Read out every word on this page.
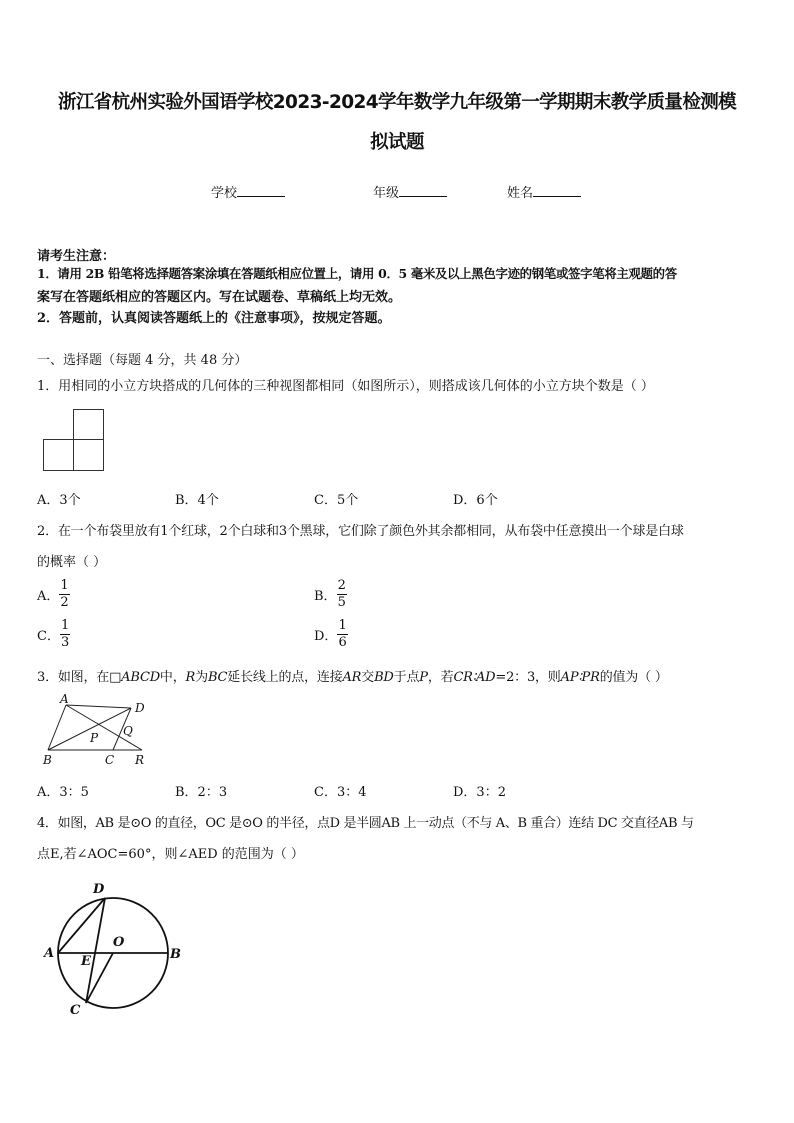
浙江省杭州实验外国语学校2023-2024学年数学九年级第一学期期末教学质量检测模
拟试题
学校	年级	姓名
请考生注意：
1．请用 2B 铅笔将选择题答案涂填在答题纸相应位置上，请用 0．5 毫米及以上黑色字迹的钢笔或签字笔将主观题的答
案写在答题纸相应的答题区内。写在试题卷、草稿纸上均无效。
2．答题前，认真阅读答题纸上的《注意事项》，按规定答题。
一、选择题（每题 4 分，共 48 分）
1．用相同的小立方块搭成的几何体的三种视图都相同（如图所示），则搭成该几何体的小立方块个数是（ ）
A．3个	B．4个	C．5个	D．6个
2．在一个布袋里放有1个红球，2个白球和3个黑球，它们除了颜色外其余都相同，从布袋中任意摸出一个球是白球
的概率（ ）
A． $\frac{1}{2}$	B． $\frac{2}{5}$
C． $\frac{1}{3}$	D． $\frac{1}{6}$
3．如图，在□ABCD中，R为BC延长线上的点，连接AR交BD于点P，若CR∶AD=2：3，则AP∶PR的值为（ ）
A
D
P Q
B	C R
A．3：5	B．2：3	C．3：4	D．3：2
4．如图，AB 是⊙O 的直径，OC 是⊙O 的半径，点D 是半圆AB 上一动点（不与 A、B 重合）连结 DC 交直径AB 与
点E,若∠AOC=60°，则∠AED 的范围为（ ）
D
O
A	B
E
C
